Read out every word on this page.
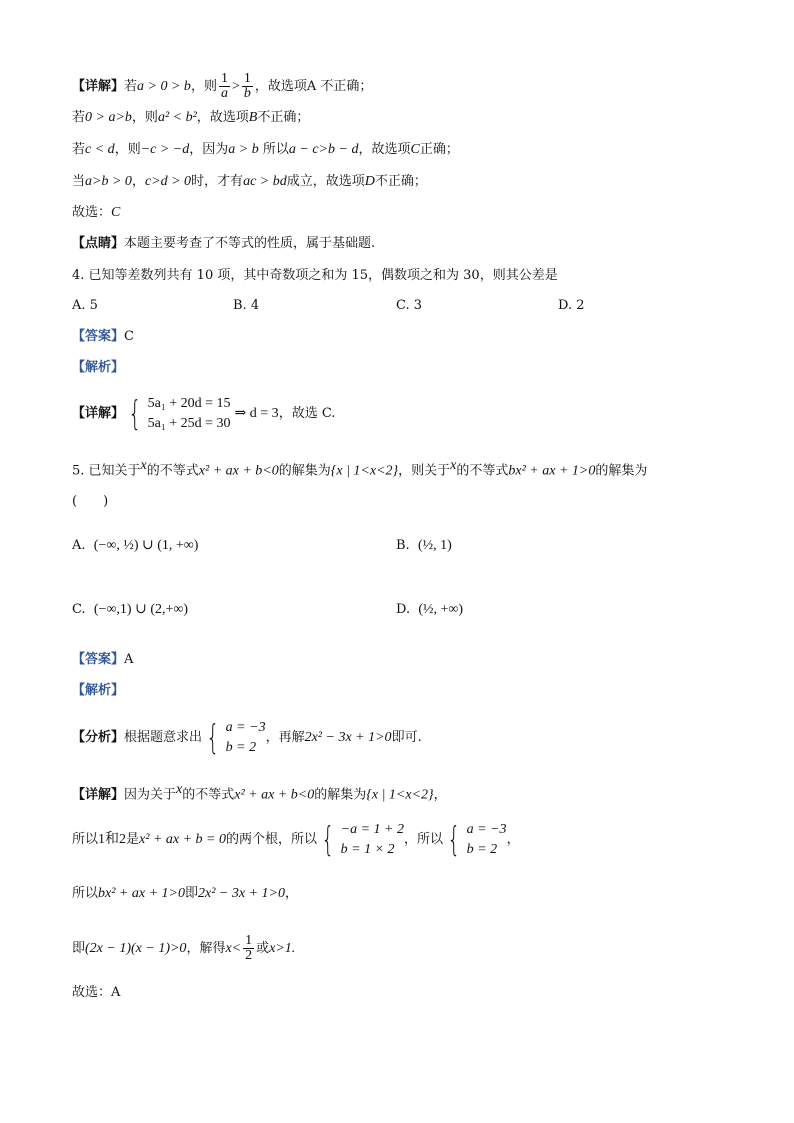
【详解】若a > 0 > b，则 $\frac{1}{a} > \frac{1}{b}$ ，故选项A 不正确；
若0 > a>b，则a² < b²，故选项B不正确；
若c < d，则−c > −d，因为a > b 所以a − c>b − d，故选项C正确；
当a>b > 0，c>d > 0时，才有ac > bd成立，故选项D不正确；
故选：C
【点睛】本题主要考查了不等式的性质，属于基础题.
4. 已知等差数列共有 10 项，其中奇数项之和为 15，偶数项之和为 30，则其公差是
A. 5	B. 4	C. 3	D. 2
【答案】C
【解析】
【详解】 { 5a₁ + 20d = 15
5a₁ + 25d = 30
⇒ d = 3 ，故选 C.
5. 已知关于$^x$的不等式x² + ax + b<0的解集为{x | 1<x<2}，则关于$^x$的不等式bx² + ax + 1>0的解集为
(　　)
A. (−∞, ½) ∪ (1, +∞)	B. (½, 1)
C. (−∞,1) ∪ (2,+∞)	D. (½, +∞)
【答案】A
【解析】
【分析】 根据题意求出 { a = −3
b = 2
，再解 2x² − 3x + 1>0 即可.
【详解】因为关于$^x$的不等式x² + ax + b<0的解集为{x | 1<x<2}，
所以 1和2 是 x² + ax + b = 0 的两个根，所以 { −a = 1 + 2
b = 1 × 2
，所以 { a = −3
b = 2
，
所以bx² + ax + 1>0即2x² − 3x + 1>0，
即(2x − 1)(x − 1)>0，解得$x< \frac{1}{2}$ 或x>1.
故选：A
